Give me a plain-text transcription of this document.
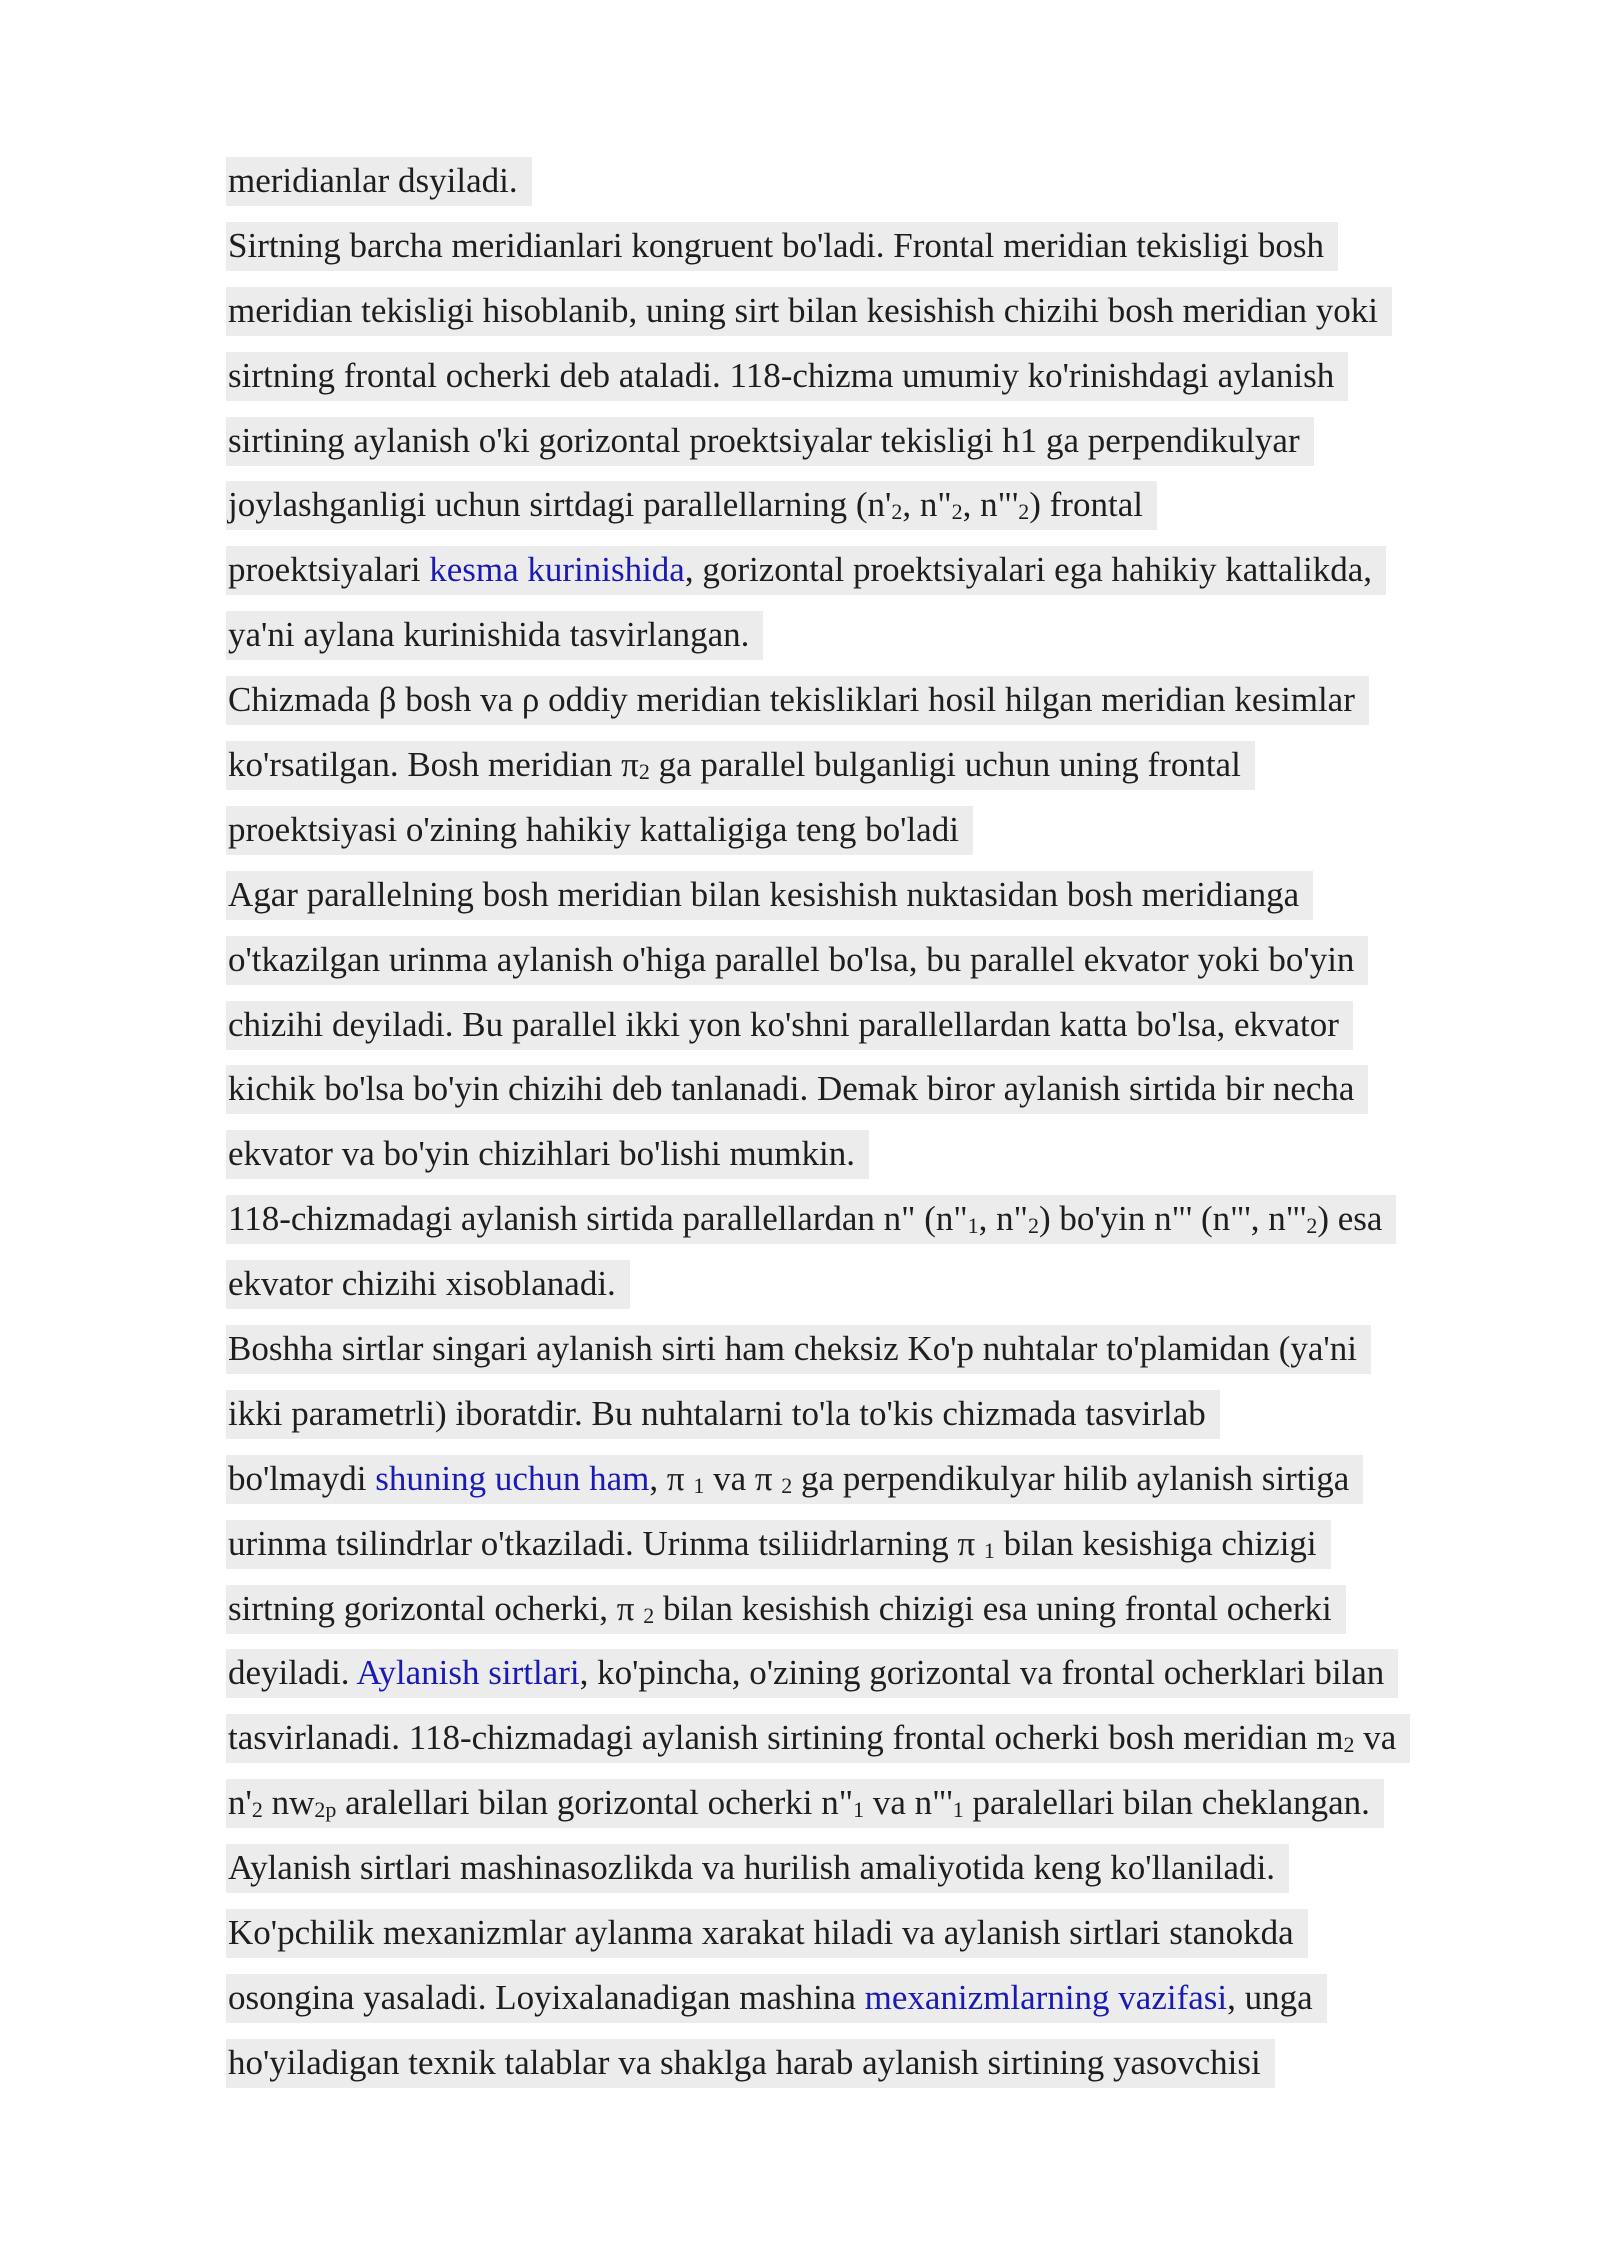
meridianlar dsyiladi.
Sirtning barcha meridianlari kongruent bo'ladi. Frontal meridian tekisligi bosh
meridian tekisligi hisoblanib, uning sirt bilan kesishish chizihi bosh meridian yoki
sirtning frontal ocherki deb ataladi. 118-chizma umumiy ko'rinishdagi aylanish
sirtining aylanish o'ki gorizontal proektsiyalar tekisligi h1 ga perpendikulyar
joylashganligi uchun sirtdagi parallellarning ($n'_2$, $n"_2$, $n"'_2$) frontal
proektsiyalari kesma kurinishida, gorizontal proektsiyalari ega hahikiy kattalikda,
ya'ni aylana kurinishida tasvirlangan.
Chizmada β bosh va ρ oddiy meridian tekisliklari hosil hilgan meridian kesimlar
ko'rsatilgan. Bosh meridian $\pi_2$ ga parallel bulganligi uchun uning frontal
proektsiyasi o'zining hahikiy kattaligiga teng bo'ladi
Agar parallelning bosh meridian bilan kesishish nuktasidan bosh meridianga
o'tkazilgan urinma aylanish o'higa parallel bo'lsa, bu parallel ekvator yoki bo'yin
chizihi deyiladi. Bu parallel ikki yon ko'shni parallellardan katta bo'lsa, ekvator
kichik bo'lsa bo'yin chizihi deb tanlanadi. Demak biror aylanish sirtida bir necha
ekvator va bo'yin chizihlari bo'lishi mumkin.
118-chizmadagi aylanish sirtida parallellardan n" ($n"_1$, $n"_2$) bo'yin n"' (n"', $n"'_2$) esa
ekvator chizihi xisoblanadi.
Boshha sirtlar singari aylanish sirti ham cheksiz Ko'p nuhtalar to'plamidan (ya'ni
ikki parametrli) iboratdir. Bu nuhtalarni to'la to'kis chizmada tasvirlab
bo'lmaydi shuning uchun ham, π $_1$ va π $_2$ ga perpendikulyar hilib aylanish sirtiga
urinma tsilindrlar o'tkaziladi. Urinma tsiliidrlarning π $_1$ bilan kesishiga chizigi
sirtning gorizontal ocherki, π $_2$ bilan kesishish chizigi esa uning frontal ocherki
deyiladi. Aylanish sirtlari, ko'pincha, o'zining gorizontal va frontal ocherklari bilan
tasvirlanadi. 118-chizmadagi aylanish sirtining frontal ocherki bosh meridian $m_2$ va
$n'_2$ $nw_{2p}$ aralellari bilan gorizontal ocherki $n"_1$ va $n"'_1$ paralellari bilan cheklangan.
Aylanish sirtlari mashinasozlikda va hurilish amaliyotida keng ko'llaniladi.
Ko'pchilik mexanizmlar aylanma xarakat hiladi va aylanish sirtlari stanokda
osongina yasaladi. Loyixalanadigan mashina mexanizmlarning vazifasi, unga
ho'yiladigan texnik talablar va shaklga harab aylanish sirtining yasovchisi
